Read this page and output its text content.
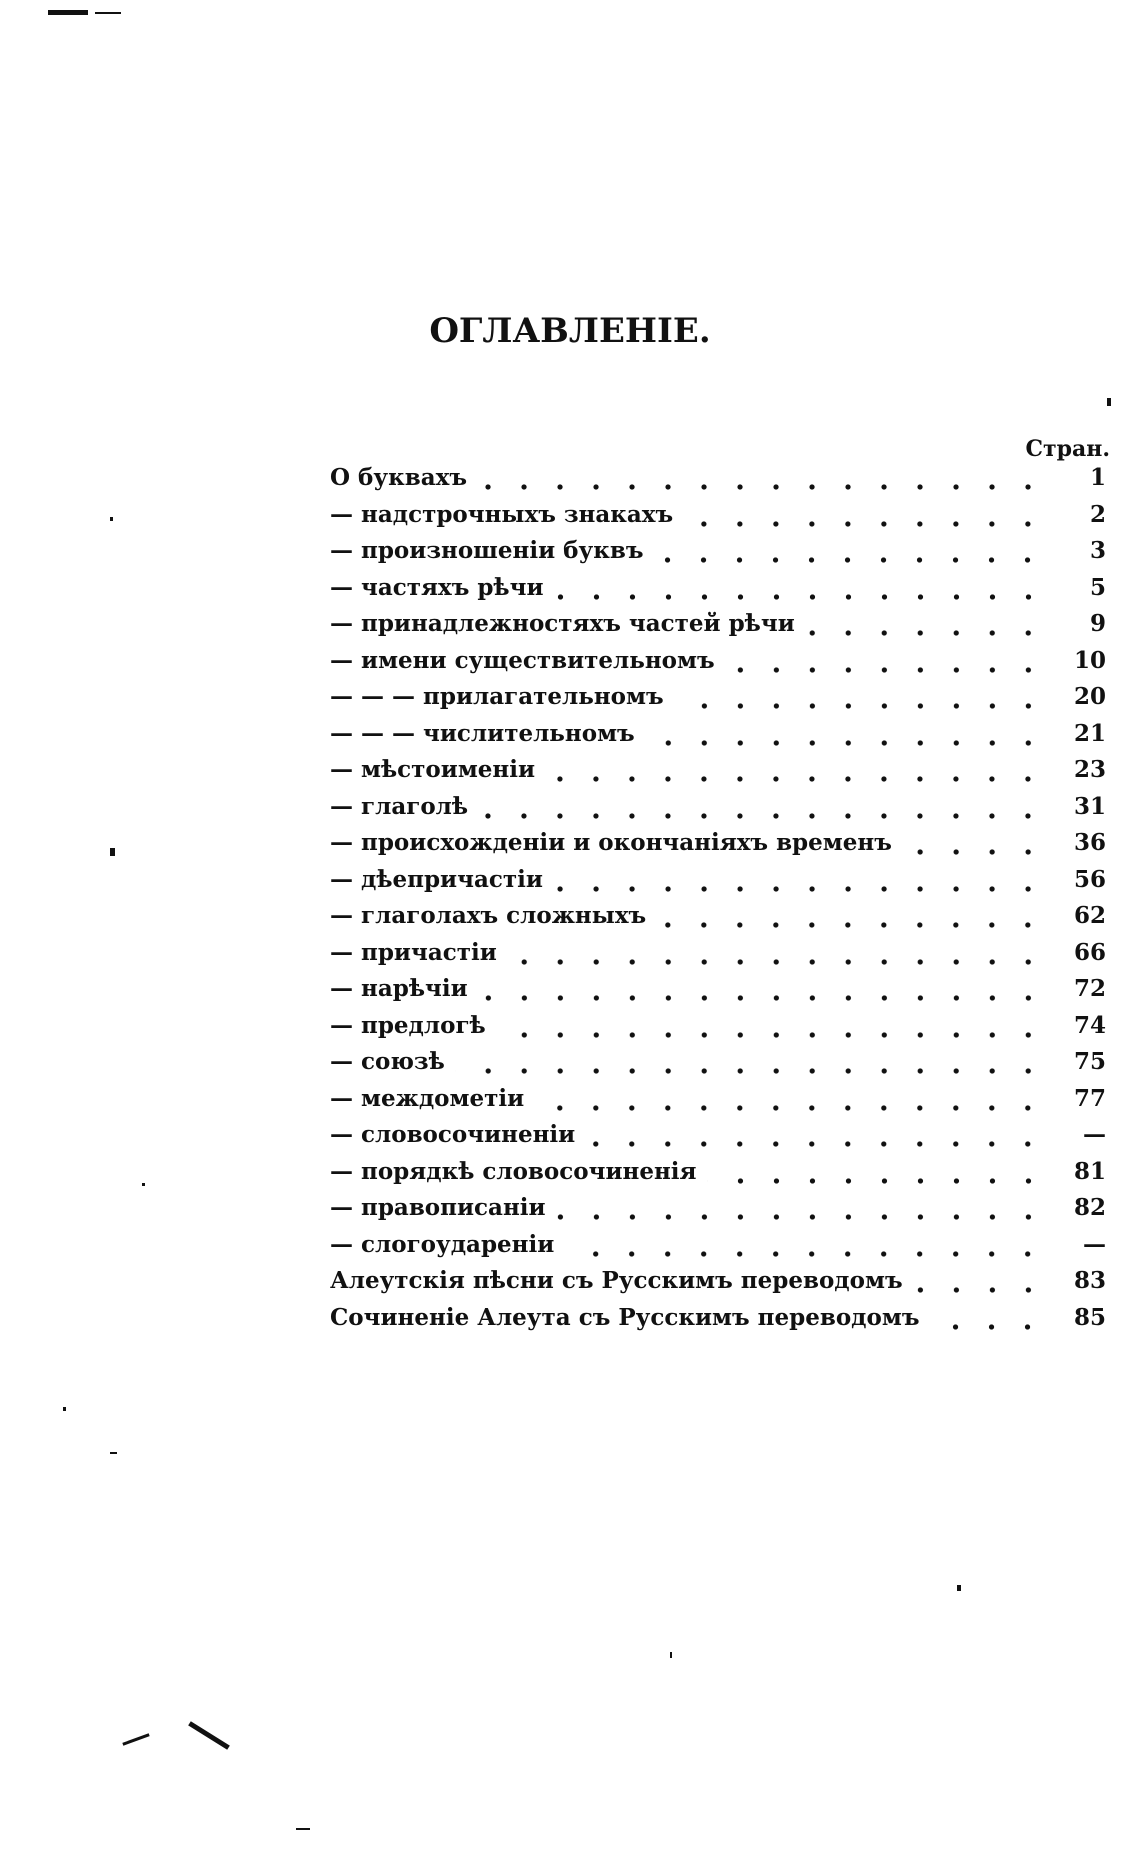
ОГЛАВЛЕНIЕ.
Стран.
О буквахъ	1
— надстрочныхъ знакахъ	2
— произношенiи буквъ	3
— частяхъ рѣчи	5
— принадлежностяхъ частей рѣчи	9
— имени существительномъ	10
— — — прилагательномъ	20
— — — числительномъ	21
— мѣстоименiи	23
— глаголѣ	31
— происхожденiи и окончанiяхъ временъ	36
— дѣепричастiи	56
— глаголахъ сложныхъ	62
— причастiи	66
— нарѣчiи	72
— предлогѣ	74
— союзѣ	75
— междометiи	77
— словосочиненiи	—
— порядкѣ словосочиненiя	81
— правописанiи	82
— слогоударенiи	—
Алеутскiя пѣсни съ Русскимъ переводомъ	83
Сочиненiе Алеута съ Русскимъ переводомъ	85
